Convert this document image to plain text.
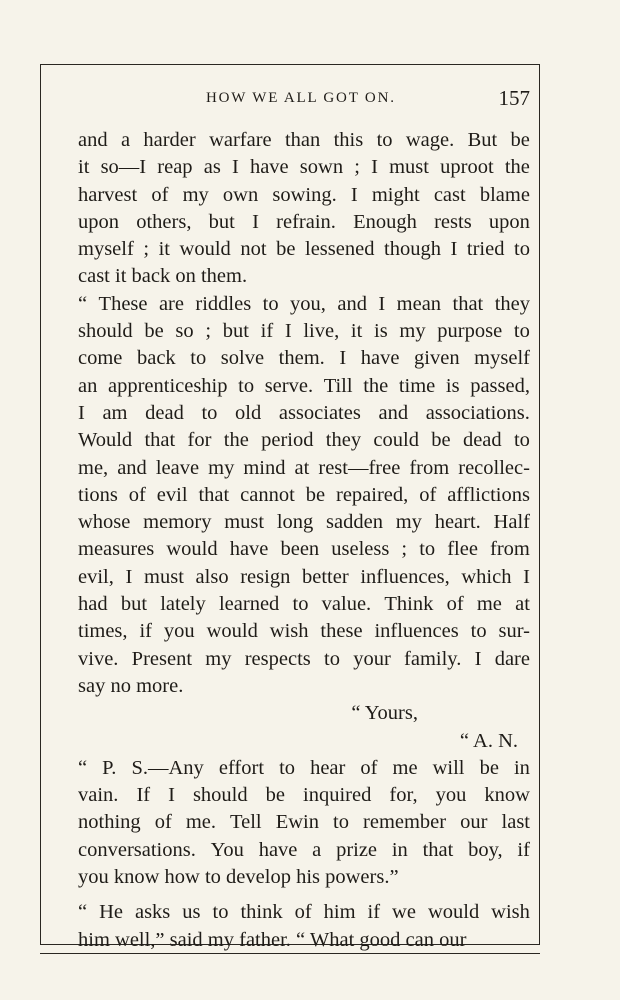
HOW WE ALL GOT ON.	157
and a harder warfare than this to wage. But be
it so—I reap as I have sown ; I must uproot the
harvest of my own sowing. I might cast blame
upon others, but I refrain. Enough rests upon
myself ; it would not be lessened though I tried to
cast it back on them.
“ These are riddles to you, and I mean that they
should be so ; but if I live, it is my purpose to
come back to solve them. I have given myself
an apprenticeship to serve. Till the time is passed,
I am dead to old associates and associations.
Would that for the period they could be dead to
me, and leave my mind at rest—free from recollec-
tions of evil that cannot be repaired, of afflictions
whose memory must long sadden my heart. Half
measures would have been useless ; to flee from
evil, I must also resign better influences, which I
had but lately learned to value. Think of me at
times, if you would wish these influences to sur-
vive. Present my respects to your family. I dare
say no more.
“ Yours,
“ A. N.
“ P. S.—Any effort to hear of me will be in
vain. If I should be inquired for, you know
nothing of me. Tell Ewin to remember our last
conversations. You have a prize in that boy, if
you know how to develop his powers.”
“ He asks us to think of him if we would wish
him well,” said my father. “ What good can our
